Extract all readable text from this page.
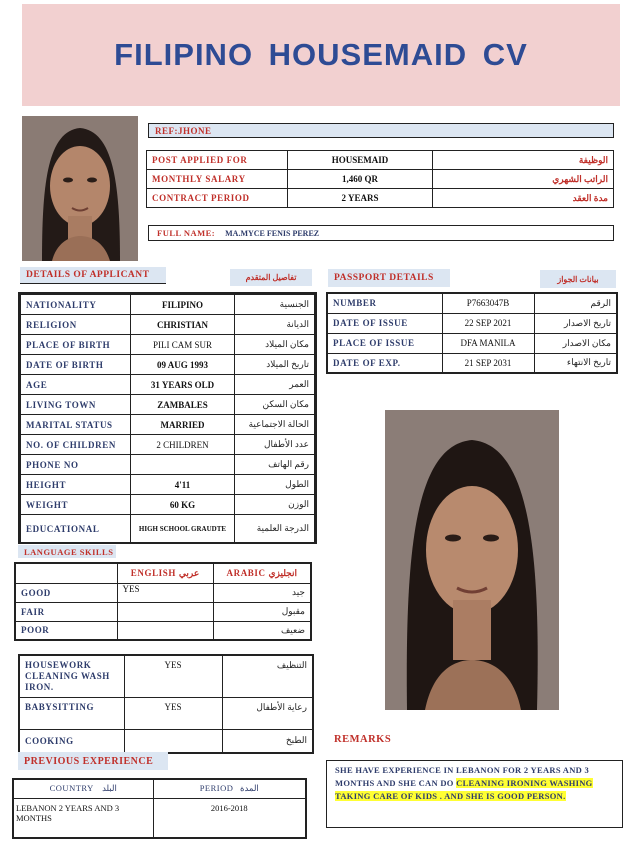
FILIPINO HOUSEMAID CV
REF:JHONE
POST APPLIED FOR	HOUSEMAID	الوظيفة
MONTHLY SALARY	1,460 QR	الراتب الشهري
CONTRACT PERIOD	2 YEARS	مدة العقد
FULL NAME: MA.MYCE FENIS PEREZ
DETAILS OF APPLICANT	تفاصيل المتقدم
NATIONALITY	FILIPINO	الجنسية
RELIGION	CHRISTIAN	الديانة
PLACE OF BIRTH	PILI CAM SUR	مكان الميلاد
DATE OF BIRTH	09 AUG 1993	تاريخ الميلاد
AGE	31 YEARS OLD	العمر
LIVING TOWN	ZAMBALES	مكان السكن
MARITAL STATUS	MARRIED	الحالة الاجتماعية
NO. OF CHILDREN	2 CHILDREN	عدد الأطفال
PHONE NO		رقم الهاتف
HEIGHT	4'11	الطول
WEIGHT	60 KG	الوزن
EDUCATIONAL	HIGH SCHOOL GRAUDTE	الدرجة العلمية
PASSPORT DETAILS	بيانات الجواز
NUMBER	P7663047B	الرقم
DATE OF ISSUE	22 SEP 2021	تاريخ الاصدار
PLACE OF ISSUE	DFA MANILA	مكان الاصدار
DATE OF EXP.	21 SEP 2031	تاريخ الانتهاء
LANGUAGE SKILLS
	ENGLISH عربي	ARABIC انجليزي
GOOD	YES	جيد
FAIR		مقبول
POOR		ضعيف
HOUSEWORK CLEANING WASH IRON.	YES	التنظيف
BABYSITTING	YES	رعاية الأطفال
COOKING		الطبخ
PREVIOUS EXPERIENCE
COUNTRY البلد	PERIOD المدة
LEBANON 2 YEARS AND 3 MONTHS	2016-2018
REMARKS
SHE HAVE EXPERIENCE IN LEBANON FOR 2 YEARS AND 3 MONTHS AND SHE CAN DO CLEANING IRONING WASHING TAKING CARE OF KIDS . AND SHE IS GOOD PERSON.
